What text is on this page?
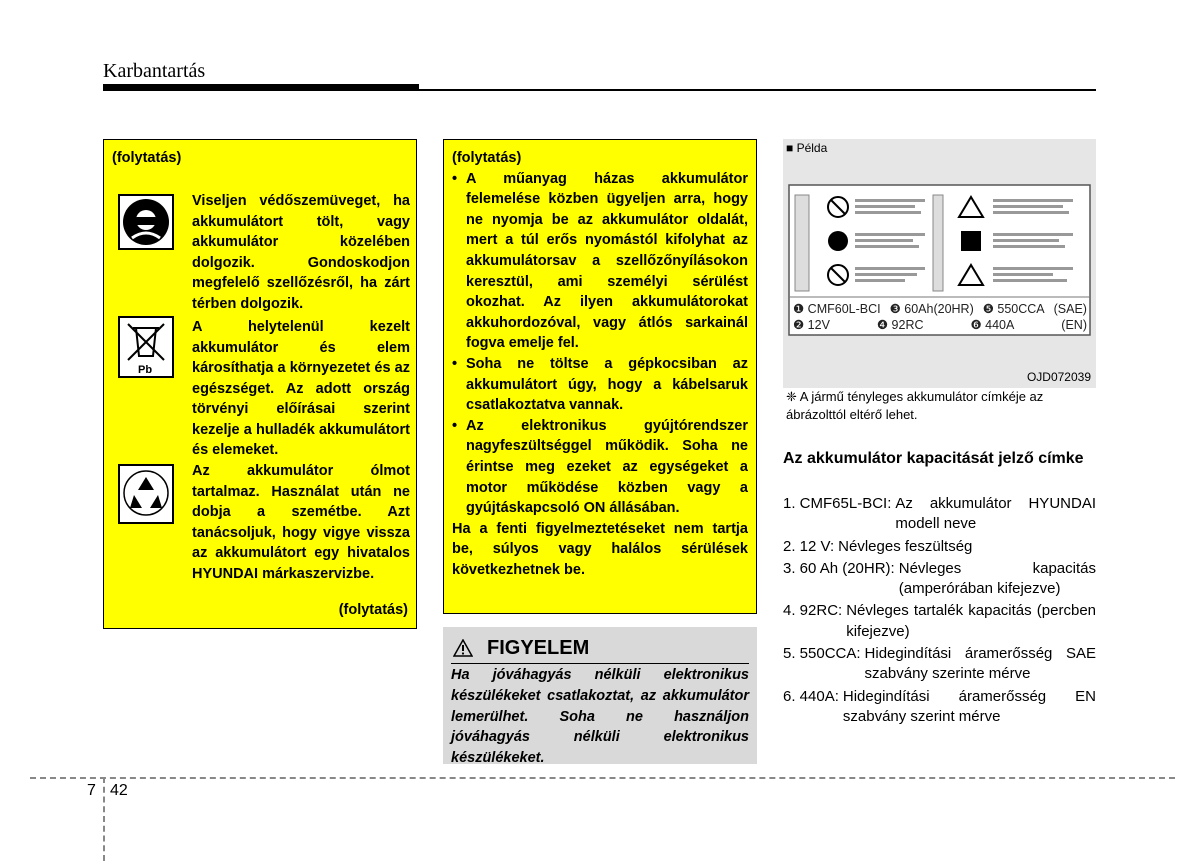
Karbantartás
(folytatás)
Viseljen védőszemüveget, ha akkumulátort tölt, vagy akkumulátor közelében dolgozik. Gondoskodjon megfelelő szellőzésről, ha zárt térben dolgozik.
Pb
A helytelenül kezelt akkumulátor és elem károsíthatja a környezetet és az egészséget. Az adott ország törvényi előírásai szerint kezelje a hulladék akkumulátort és elemeket.
Az akkumulátor ólmot tartalmaz. Használat után ne dobja a szemétbe. Azt tanácsoljuk, hogy vigye vissza az akkumulátort egy hivatalos HYUNDAI márkaszervizbe.
(folytatás)
(folytatás)
• A műanyag házas akkumulátor felemelése közben ügyeljen arra, hogy ne nyomja be az akkumulátor oldalát, mert a túl erős nyomástól kifolyhat az akkumulátorsav a szellőzőnyílásokon keresztül, ami személyi sérülést okozhat. Az ilyen akkumulátorokat akkuhordozóval, vagy átlós sarkainál fogva emelje fel.
• Soha ne töltse a gépkocsiban az akkumulátort úgy, hogy a kábelsaruk csatlakoztatva vannak.
• Az elektronikus gyújtórendszer nagyfeszültséggel működik. Soha ne érintse meg ezeket az egységeket a motor működése közben vagy a gyújtáskapcsoló ON állásában.
Ha a fenti figyelmeztetéseket nem tartja be, súlyos vagy halálos sérülések következhetnek be.
FIGYELEM
Ha jóváhagyás nélküli elektronikus készülékeket csatlakoztat, az akkumulátor lemerülhet. Soha ne használjon jóváhagyás nélküli elektronikus készülékeket.
■ Példa
❶ CMF60L-BCI ❸ 60Ah(20HR) ❺ 550CCA (SAE)
❷ 12V	❹ 92RC	❻ 440A	(EN)
OJD072039
❈ A jármű tényleges akkumulátor címkéje az ábrázolttól eltérő lehet.
Az akkumulátor kapacitását jelző címke
1. CMF65L-BCI: Az akkumulátor HYUNDAI modell neve
2. 12 V: Névleges feszültség
3. 60 Ah (20HR): Névleges kapacitás (amperórában kifejezve)
4. 92RC: Névleges tartalék kapacitás (percben kifejezve)
5. 550CCA: Hidegindítási áramerősség SAE szabvány szerinte mérve
6. 440A: Hidegindítási áramerősség EN szabvány szerint mérve
7 42
